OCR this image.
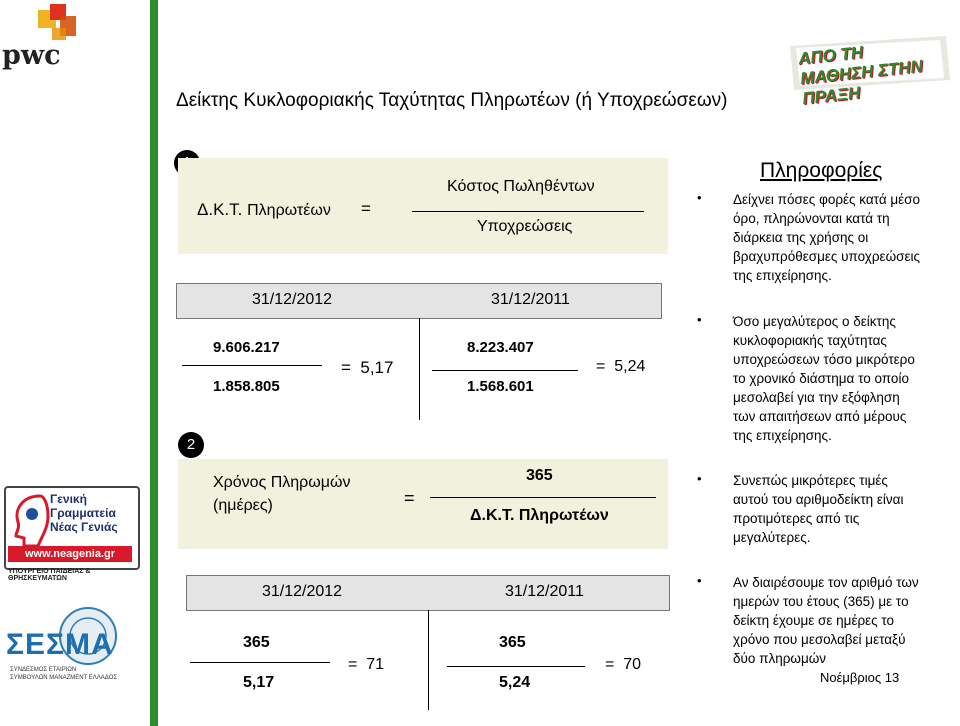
pwc	ΑΠΟ ΤΗ ΜΑΘΗΣΗ ΣΤΗΝ ΠΡΑΞΗ
Δείκτης Κυκλοφοριακής Ταχύτητας Πληρωτέων (ή Υποχρεώσεων)
Δ.Κ.Τ. Πληρωτέων =
Κόστος Πωληθέντων
Υποχρεώσεις
31/12/2012	31/12/2011
9.606.217
1.858.805
=  5,17
8.223.407
1.568.601
=  5,24
2
Χρόνος Πληρωμών
(ημέρες)	=
365
Δ.Κ.Τ. Πληρωτέων
31/12/2012	31/12/2011
365
5,17
=  71
365
5,24
=  70
Πληροφορίες
• Δείχνει πόσες φορές κατά μέσο
όρο, πληρώνονται κατά τη
διάρκεια της χρήσης οι
βραχυπρόθεσμες υποχρεώσεις
της επιχείρησης.
• Όσο μεγαλύτερος ο δείκτης
κυκλοφοριακής ταχύτητας
υποχρεώσεων τόσο μικρότερο
το χρονικό διάστημα το οποίο
μεσολαβεί για την εξόφληση
των απαιτήσεων από μέρους
της επιχείρησης.
• Συνεπώς μικρότερες τιμές
αυτού του αριθμοδείκτη είναι
προτιμότερες από τις
μεγαλύτερες.
• Αν διαιρέσουμε τον αριθμό των
ημερών του έτους (365) με το
δείκτη έχουμε σε ημέρες το
χρόνο που μεσολαβεί μεταξύ
δύο πληρωμών
Νοέμβριος 13
Γενική
Γραμματεία
Νέας Γενιάς
www.neagenia.gr
ΥΠΟΥΡΓΕΙΟ ΠΑΙΔΕΙΑΣ & ΘΡΗΣΚΕΥΜΑΤΩΝ
ΣΕΣΜΑ
ΣΥΝΔΕΣΜΟΣ ΕΤΑΙΡΙΩΝ
ΣΥΜΒΟΥΛΩΝ ΜΑΝΑΖΜΕΝΤ ΕΛΛΑΔΟΣ
